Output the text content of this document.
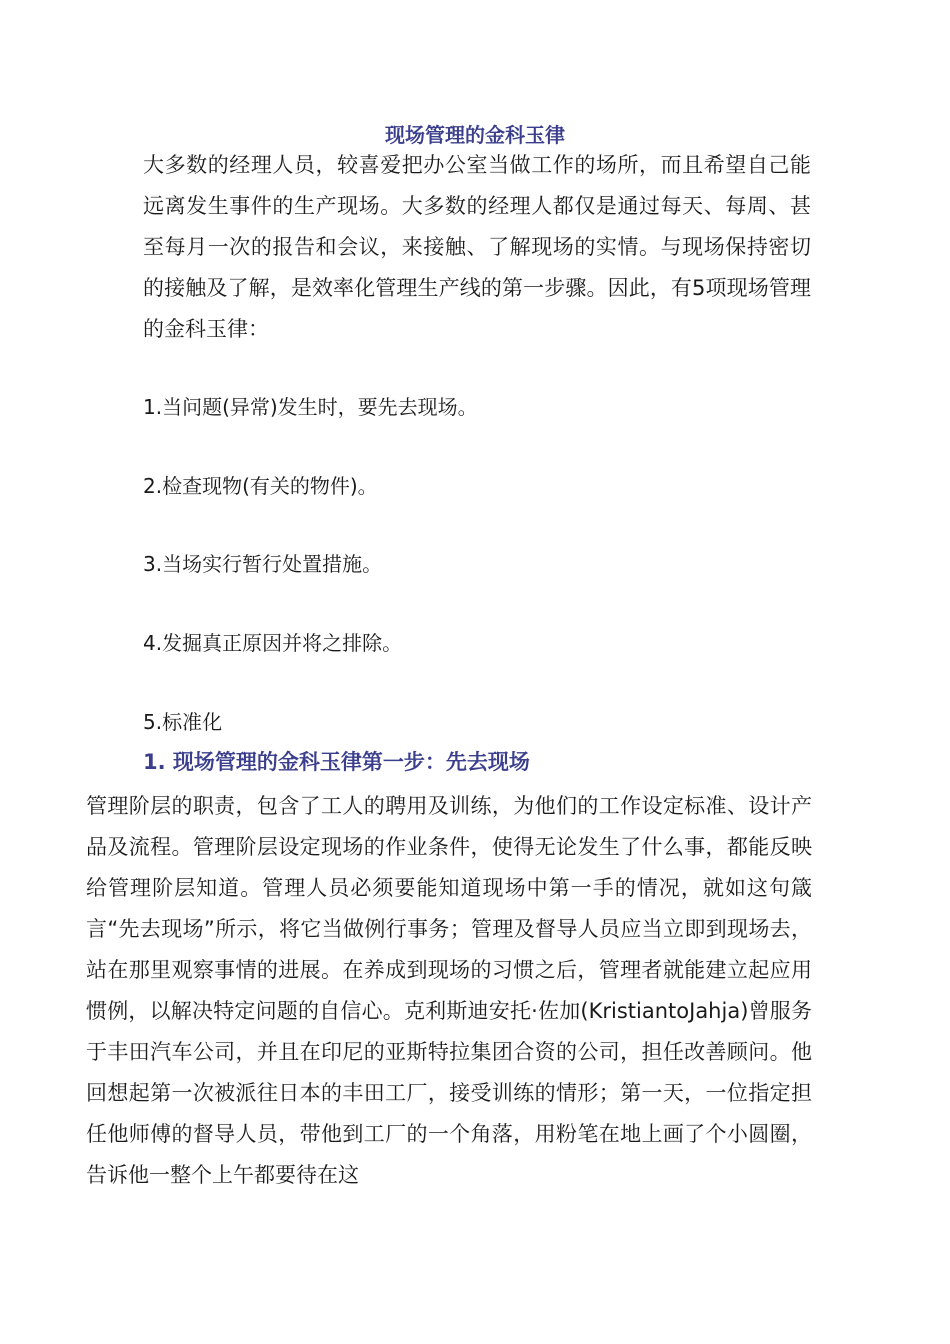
现场管理的金科玉律

大多数的经理人员，较喜爱把办公室当做工作的场所，而且希望自己能远离发生事件的生产现场。大多数的经理人都仅是通过每天、每周、甚至每月一次的报告和会议，来接触、了解现场的实情。与现场保持密切的接触及了解，是效率化管理生产线的第一步骤。因此，有5项现场管理的金科玉律：

1.当问题(异常)发生时，要先去现场。

2.检查现物(有关的物件)。

3.当场实行暂行处置措施。

4.发掘真正原因并将之排除。

5.标准化

1. 现场管理的金科玉律第一步：先去现场

管理阶层的职责，包含了工人的聘用及训练，为他们的工作设定标准、设计产品及流程。管理阶层设定现场的作业条件，使得无论发生了什么事，都能反映给管理阶层知道。管理人员必须要能知道现场中第一手的情况，就如这句箴言“先去现场”所示，将它当做例行事务；管理及督导人员应当立即到现场去，站在那里观察事情的进展。在养成到现场的习惯之后，管理者就能建立起应用惯例，以解决特定问题的自信心。克利斯迪安托·佐加(KristiantoJahja)曾服务于丰田汽车公司，并且在印尼的亚斯特拉集团合资的公司，担任改善顾问。他回想起第一次被派往日本的丰田工厂，接受训练的情形；第一天，一位指定担任他师傅的督导人员，带他到工厂的一个角落，用粉笔在地上画了个小圆圈，告诉他一整个上午都要待在这
